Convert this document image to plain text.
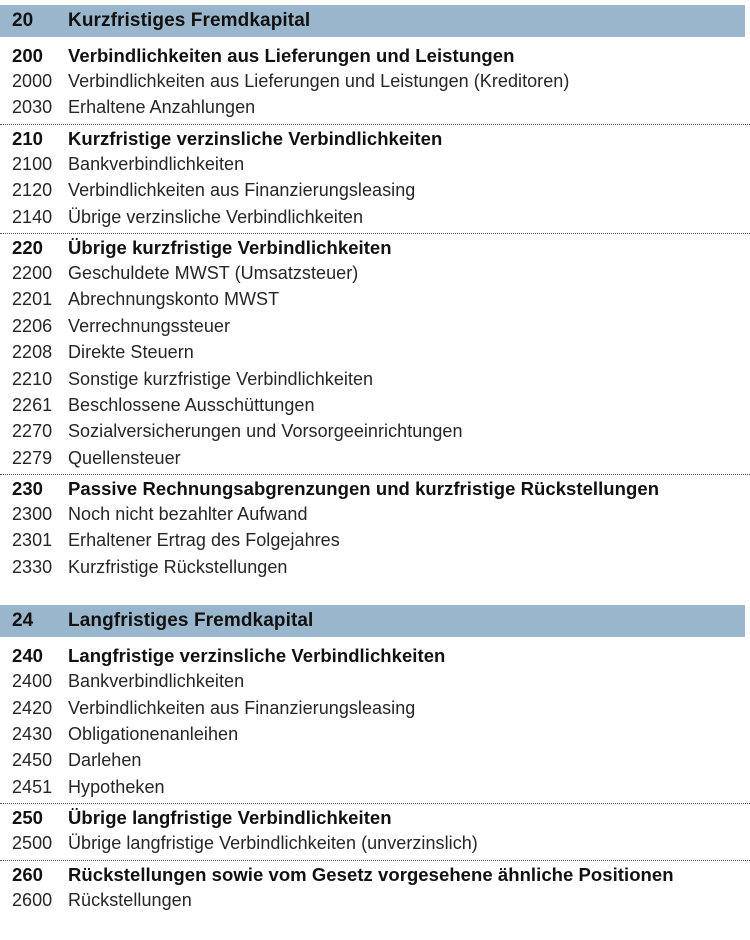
20	Kurzfristiges Fremdkapital
200	Verbindlichkeiten aus Lieferungen und Leistungen
2000 Verbindlichkeiten aus Lieferungen und Leistungen (Kreditoren)
2030 Erhaltene Anzahlungen
210	Kurzfristige verzinsliche Verbindlichkeiten
2100 Bankverbindlichkeiten
2120 Verbindlichkeiten aus Finanzierungsleasing
2140 Übrige verzinsliche Verbindlichkeiten
220	Übrige kurzfristige Verbindlichkeiten
2200 Geschuldete MWST (Umsatzsteuer)
2201 Abrechnungskonto MWST
2206 Verrechnungssteuer
2208 Direkte Steuern
2210 Sonstige kurzfristige Verbindlichkeiten
2261 Beschlossene Ausschüttungen
2270 Sozialversicherungen und Vorsorgeeinrichtungen
2279 Quellensteuer
230	Passive Rechnungsabgrenzungen und kurzfristige Rückstellungen
2300 Noch nicht bezahlter Aufwand
2301 Erhaltener Ertrag des Folgejahres
2330 Kurzfristige Rückstellungen
24	Langfristiges Fremdkapital
240	Langfristige verzinsliche Verbindlichkeiten
2400 Bankverbindlichkeiten
2420 Verbindlichkeiten aus Finanzierungsleasing
2430 Obligationenanleihen
2450 Darlehen
2451 Hypotheken
250	Übrige langfristige Verbindlichkeiten
2500 Übrige langfristige Verbindlichkeiten (unverzinslich)
260	Rückstellungen sowie vom Gesetz vorgesehene ähnliche Positionen
2600 Rückstellungen
